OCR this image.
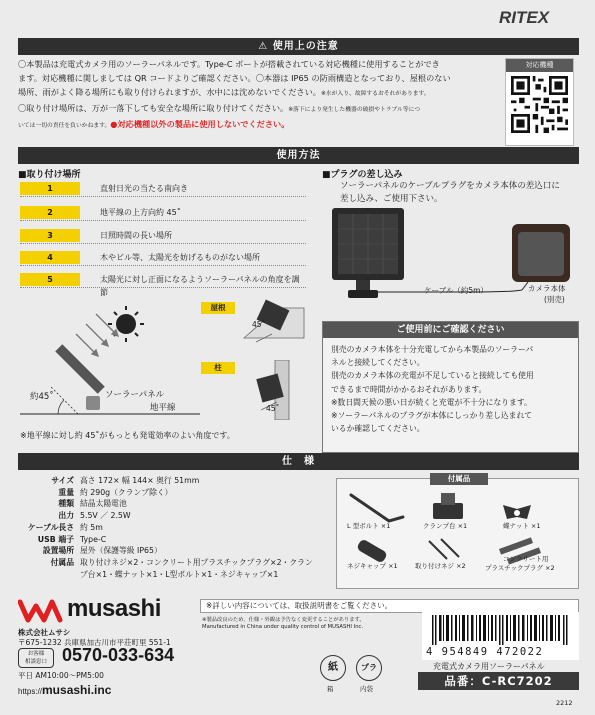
RITEX
⚠ 使用上の注意
〇本製品は充電式カメラ用のソーラーパネルです。Type-C ポートが搭載されている対応機種に使用することができ
ます。対応機種に関しましては QR コードよりご確認ください。〇本器は IP65 の防雨構造となっており、屋根のない
場所、雨がよく降る場所にも取り付けられますが、水中には沈めないでください。※水が入り、故障するおそれがあります。
〇取り付け場所は、万が一落下しても安全な場所に取り付けてください。※落下により発生した機器の破損やトラブル等につ
いては一切の責任を負いかねます。●対応機種以外の製品に使用しないでください。
対応機種
使用方法
■取り付け場所
1	直射日光の当たる南向き
2	地平線の上方向約 45˚
3	日照時間の長い場所
4	木やビル等、太陽光を妨げるものがない場所
5	太陽光に対し正面になるようソーラーパネルの角度を調節
約45˚	ソーラーパネル
地平線
※地平線に対し約 45˚がもっとも発電効率のよい角度です。
屋根
45˚
柱
45˚
■プラグの差し込み
ソーラーパネルのケーブルプラグをカメラ本体の差込口に
差し込み、ご使用下さい。
ケーブル（約5m）	カメラ本体
(別売)
ご使用前にご確認ください
別売のカメラ本体を十分充電してから本製品のソーラーパ
ネルと接続してください。
別売のカメラ本体の充電が不足していると接続しても使用
できるまで時間がかかるおそれがあります。
※数日間天候の悪い日が続くと充電が不十分になります。
※ソーラーパネルのプラグが本体にしっかり差し込まれて
いるか確認してください。
仕　様
サイズ 高さ 172× 幅 144× 奥行 51mm
重量 約 290g（クランプ除く）
種類 結晶太陽電池
出力 5.5V ／ 2.5W
ケーブル長さ 約 5m
USB 端子 Type-C
設置場所 屋外（保護等級 IP65）
付属品 取り付けネジ×2・コンクリート用プラスチックプラグ×2・クラン
プ台×1・蝶ナット×1・L型ボルト×1・ネジキャップ×1
付属品
L 型ボルト ×1	クランプ台 ×1	蝶ナット ×1
ネジキャップ ×1	取り付けネジ ×2
コンクリート用
プラスチックプラグ ×2
musashi
株式会社ムサシ
〒675-1232 兵庫県加古川市平荘町里 551-1
お客様
相談窓口 0570-033-634
平日 AM10:00〜PM5:00
https://musashi.inc
※詳しい内容については、取扱説明書をご覧ください。
※製品改良のため、仕様・外観は予告なく変更することがあります。
Manufactured in China under quality control of MUSASHI Inc.
4 954849 472022
充電式カメラ用ソーラーパネル
品番：C-RC7202
紙
箱
プラ
内袋
2212
